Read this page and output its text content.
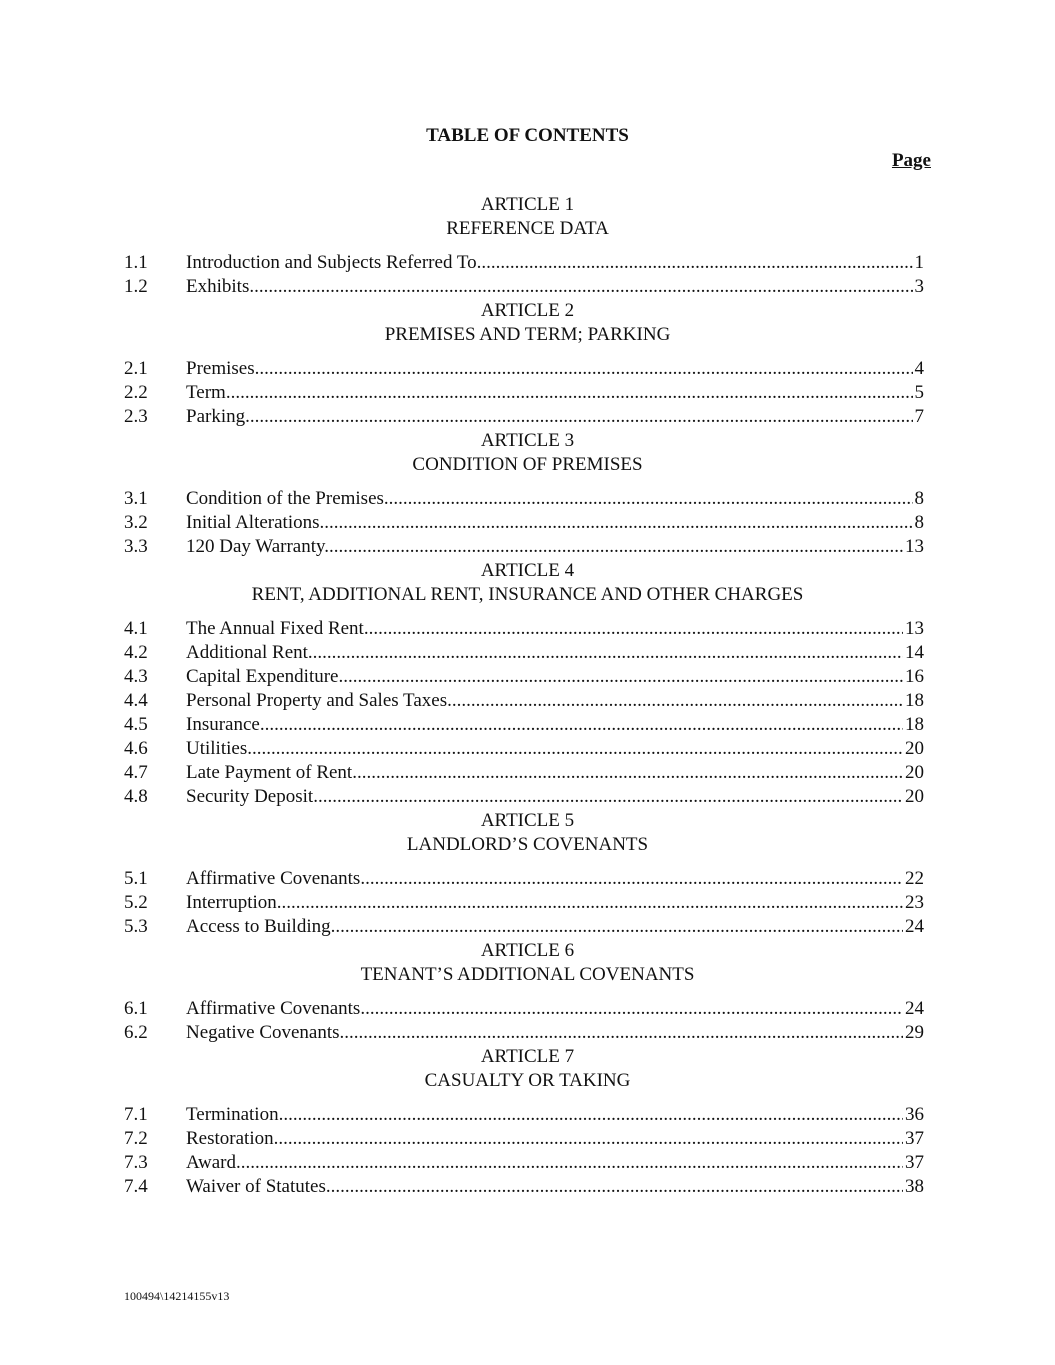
TABLE OF CONTENTS
Page
ARTICLE 1
REFERENCE DATA
1.1	Introduction and Subjects Referred To. .....	1
1.2	Exhibits. .....	3
ARTICLE 2
PREMISES AND TERM; PARKING
2.1	Premises .....	4
2.2	Term .....	5
2.3	Parking .....	7
ARTICLE 3
CONDITION OF PREMISES
3.1	Condition of the Premises .....	8
3.2	Initial Alterations. .....	8
3.3	120 Day Warranty. .....	13
ARTICLE 4
RENT, ADDITIONAL RENT, INSURANCE AND OTHER CHARGES
4.1	The Annual Fixed Rent .....	13
4.2	Additional Rent .....	14
4.3	Capital Expenditure. .....	16
4.4	Personal Property and Sales Taxes .....	18
4.5	Insurance. .....	18
4.6	Utilities .....	20
4.7	Late Payment of Rent .....	20
4.8	Security Deposit .....	20
ARTICLE 5
LANDLORD’S COVENANTS
5.1	Affirmative Covenants .....	22
5.2	Interruption .....	23
5.3	Access to Building .....	24
ARTICLE 6
TENANT’S ADDITIONAL COVENANTS
6.1	Affirmative Covenants .....	24
6.2	Negative Covenants .....	29
ARTICLE 7
CASUALTY OR TAKING
7.1	Termination .....	36
7.2	Restoration .....	37
7.3	Award .....	37
7.4	Waiver of Statutes .....	38
100494\14214155v13
